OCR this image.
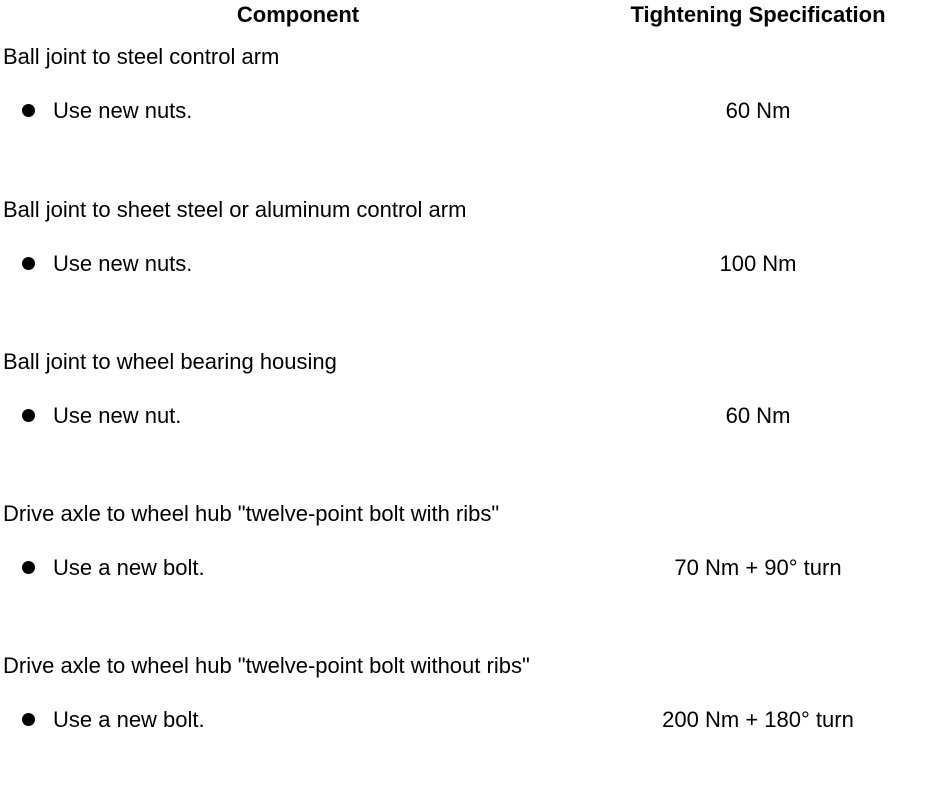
Component	Tightening Specification
Ball joint to steel control arm
Use new nuts.	60 Nm
Ball joint to sheet steel or aluminum control arm
Use new nuts.	100 Nm
Ball joint to wheel bearing housing
Use new nut.	60 Nm
Drive axle to wheel hub "twelve-point bolt with ribs"
Use a new bolt.	70 Nm + 90° turn
Drive axle to wheel hub "twelve-point bolt without ribs"
Use a new bolt.	200 Nm + 180° turn
